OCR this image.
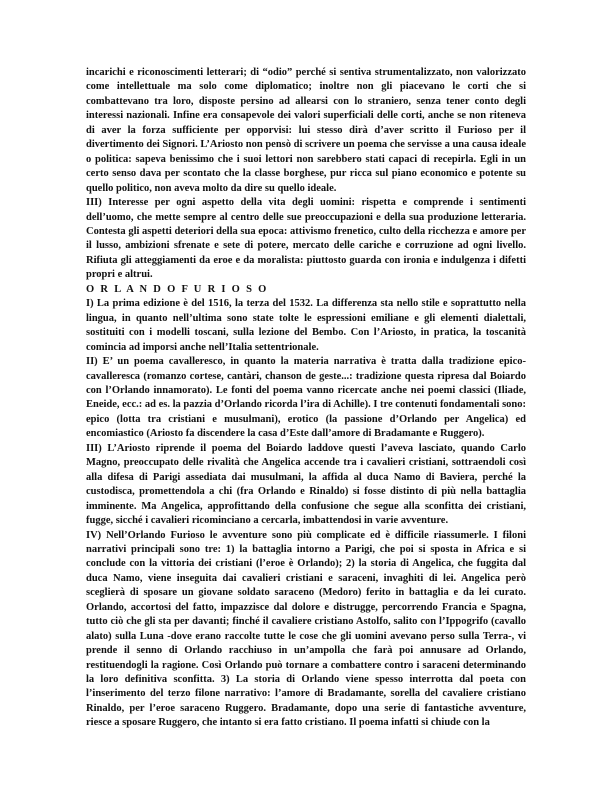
incarichi e riconoscimenti letterari; di “odio” perché si sentiva strumentalizzato, non valorizzato come intellettuale ma solo come diplomatico; inoltre non gli piacevano le corti che si combattevano tra loro, disposte persino ad allearsi con lo straniero, senza tener conto degli interessi nazionali. Infine era consapevole dei valori superficiali delle corti, anche se non riteneva di aver la forza sufficiente per opporvisi: lui stesso dirà d’aver scritto il Furioso per il divertimento dei Signori. L’Ariosto non pensò di scrivere un poema che servisse a una causa ideale o politica: sapeva benissimo che i suoi lettori non sarebbero stati capaci di recepirla. Egli in un certo senso dava per scontato che la classe borghese, pur ricca sul piano economico e potente su quello politico, non aveva molto da dire su quello ideale.

III) Interesse per ogni aspetto della vita degli uomini: rispetta e comprende i sentimenti dell’uomo, che mette sempre al centro delle sue preoccupazioni e della sua produzione letteraria. Contesta gli aspetti deteriori della sua epoca: attivismo frenetico, culto della ricchezza e amore per il lusso, ambizioni sfrenate e sete di potere, mercato delle cariche e corruzione ad ogni livello. Rifiuta gli atteggiamenti da eroe e da moralista: piuttosto guarda con ironia e indulgenza i difetti propri e altrui.

O R L A N D O F U R I O S O

I) La prima edizione è del 1516, la terza del 1532. La differenza sta nello stile e soprattutto nella lingua, in quanto nell’ultima sono state tolte le espressioni emiliane e gli elementi dialettali, sostituiti con i modelli toscani, sulla lezione del Bembo. Con l’Ariosto, in pratica, la toscanità comincia ad imporsi anche nell’Italia settentrionale.

II) E’ un poema cavalleresco, in quanto la materia narrativa è tratta dalla tradizione epico-cavalleresca (romanzo cortese, cantàri, chanson de geste...: tradizione questa ripresa dal Boiardo con l’Orlando innamorato). Le fonti del poema vanno ricercate anche nei poemi classici (Iliade, Eneide, ecc.: ad es. la pazzia d’Orlando ricorda l’ira di Achille). I tre contenuti fondamentali sono: epico (lotta tra cristiani e musulmani), erotico (la passione d’Orlando per Angelica) ed encomiastico (Ariosto fa discendere la casa d’Este dall’amore di Bradamante e Ruggero).

III) L’Ariosto riprende il poema del Boiardo laddove questi l’aveva lasciato, quando Carlo Magno, preoccupato delle rivalità che Angelica accende tra i cavalieri cristiani, sottraendoli così alla difesa di Parigi assediata dai musulmani, la affida al duca Namo di Baviera, perché la custodisca, promettendola a chi (fra Orlando e Rinaldo) si fosse distinto di più nella battaglia imminente. Ma Angelica, approfittando della confusione che segue alla sconfitta dei cristiani, fugge, sicché i cavalieri ricominciano a cercarla, imbattendosi in varie avventure.

IV) Nell’Orlando Furioso le avventure sono più complicate ed è difficile riassumerle. I filoni narrativi principali sono tre: 1) la battaglia intorno a Parigi, che poi si sposta in Africa e si conclude con la vittoria dei cristiani (l’eroe è Orlando); 2) la storia di Angelica, che fuggita dal duca Namo, viene inseguita dai cavalieri cristiani e saraceni, invaghiti di lei. Angelica però sceglierà di sposare un giovane soldato saraceno (Medoro) ferito in battaglia e da lei curato. Orlando, accortosi del fatto, impazzisce dal dolore e distrugge, percorrendo Francia e Spagna, tutto ciò che gli sta per davanti; finché il cavaliere cristiano Astolfo, salito con l’Ippogrifo (cavallo alato) sulla Luna -dove erano raccolte tutte le cose che gli uomini avevano perso sulla Terra-, vi prende il senno di Orlando racchiuso in un’ampolla che farà poi annusare ad Orlando, restituendogli la ragione. Così Orlando può tornare a combattere contro i saraceni determinando la loro definitiva sconfitta. 3) La storia di Orlando viene spesso interrotta dal poeta con l’inserimento del terzo filone narrativo: l’amore di Bradamante, sorella del cavaliere cristiano Rinaldo, per l’eroe saraceno Ruggero. Bradamante, dopo una serie di fantastiche avventure, riesce a sposare Ruggero, che intanto si era fatto cristiano. Il poema infatti si chiude con la
